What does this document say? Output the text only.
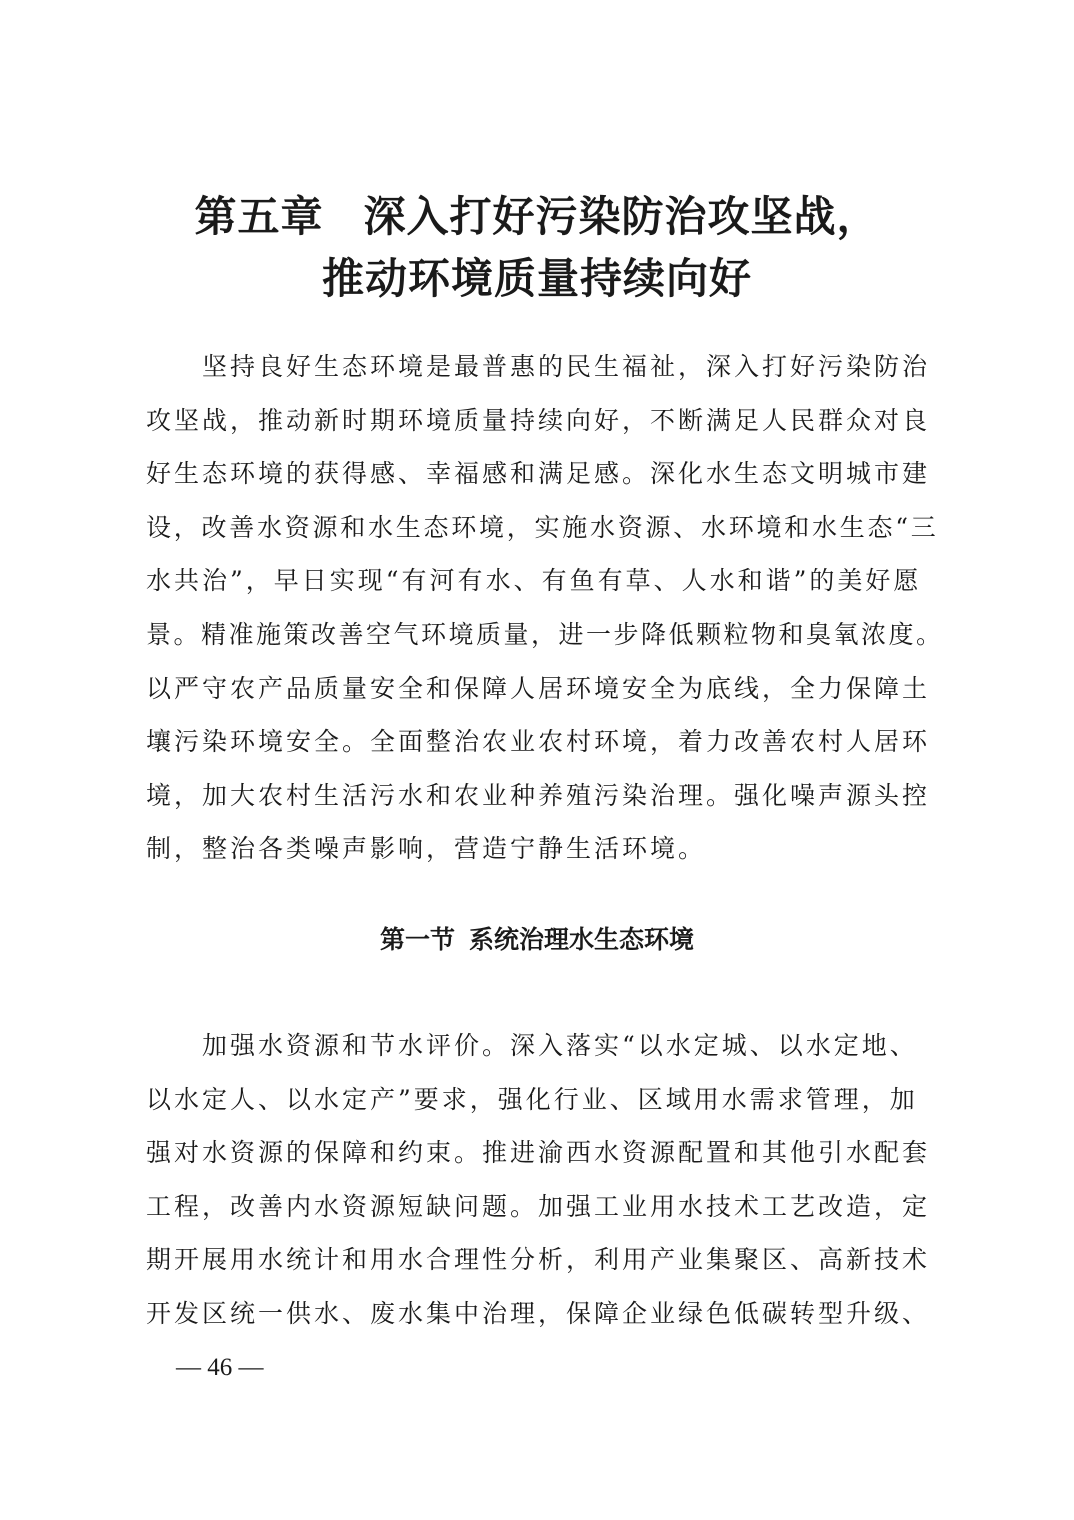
第五章 深入打好污染防治攻坚战，
推动环境质量持续向好
坚持良好生态环境是最普惠的民生福祉，深入打好污染防治
攻坚战，推动新时期环境质量持续向好，不断满足人民群众对良
好生态环境的获得感、幸福感和满足感。深化水生态文明城市建
设，改善水资源和水生态环境，实施水资源、水环境和水生态“三
水共治”，早日实现“有河有水、有鱼有草、人水和谐”的美好愿
景。精准施策改善空气环境质量，进一步降低颗粒物和臭氧浓度。
以严守农产品质量安全和保障人居环境安全为底线，全力保障土
壤污染环境安全。全面整治农业农村环境，着力改善农村人居环
境，加大农村生活污水和农业种养殖污染治理。强化噪声源头控
制，整治各类噪声影响，营造宁静生活环境。
第一节 系统治理水生态环境
加强水资源和节水评价。深入落实“以水定城、以水定地、
以水定人、以水定产”要求，强化行业、区域用水需求管理，加
强对水资源的保障和约束。推进渝西水资源配置和其他引水配套
工程，改善内水资源短缺问题。加强工业用水技术工艺改造，定
期开展用水统计和用水合理性分析，利用产业集聚区、高新技术
开发区统一供水、废水集中治理，保障企业绿色低碳转型升级、
— 46 —
